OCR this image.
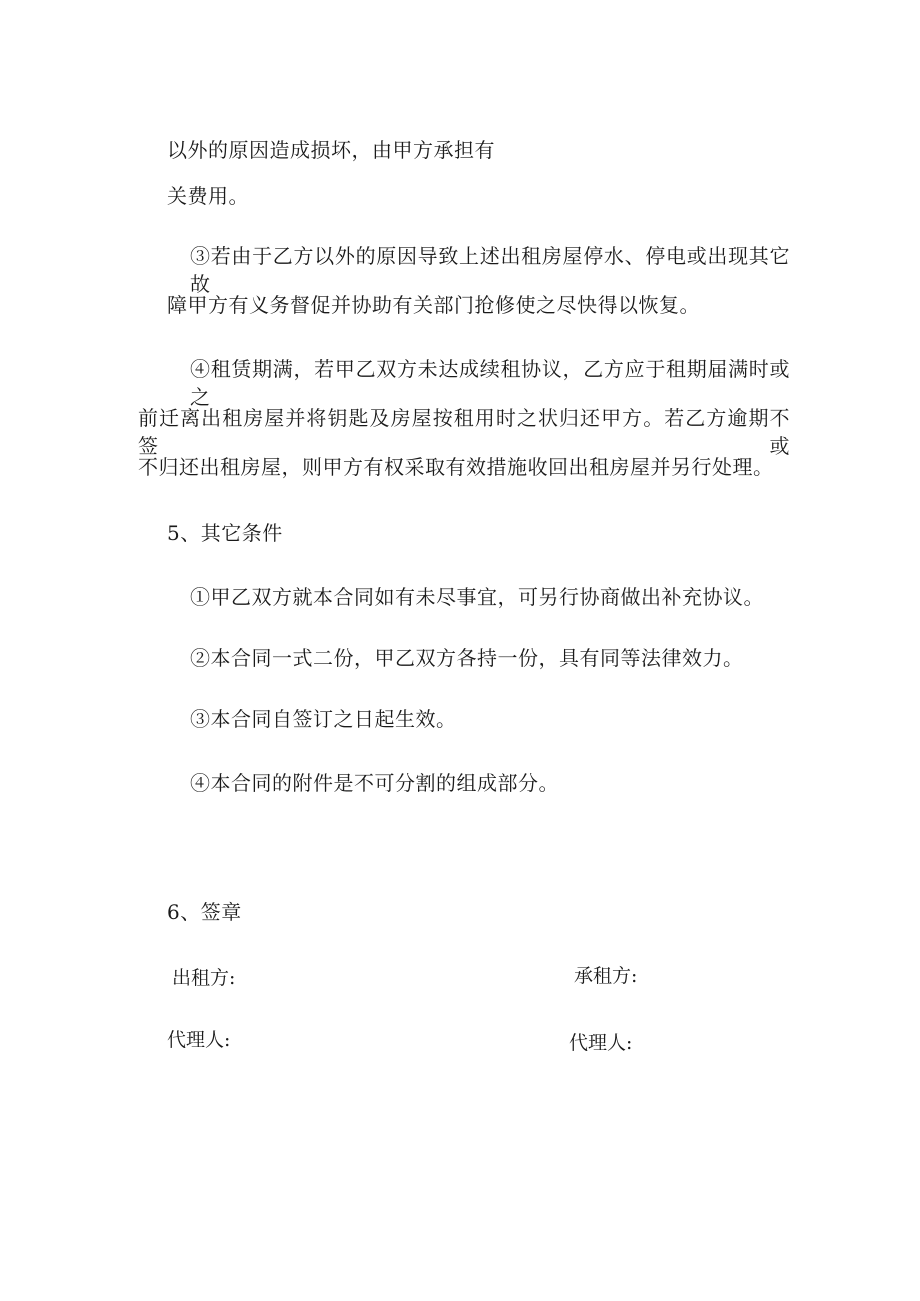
以外的原因造成损坏，由甲方承担有
关费用。
③若由于乙方以外的原因导致上述出租房屋停水、停电或出现其它故
障甲方有义务督促并协助有关部门抢修使之尽快得以恢复。
④租赁期满，若甲乙双方未达成续租协议，乙方应于租期届满时或之
前迁离出租房屋并将钥匙及房屋按租用时之状归还甲方。若乙方逾期不签或
不归还出租房屋，则甲方有权采取有效措施收回出租房屋并另行处理。
5、其它条件
①甲乙双方就本合同如有未尽事宜，可另行协商做出补充协议。
②本合同一式二份，甲乙双方各持一份，具有同等法律效力。
③本合同自签订之日起生效。
④本合同的附件是不可分割的组成部分。
6、签章
出租方:	承租方:
代理人:	代理人:
